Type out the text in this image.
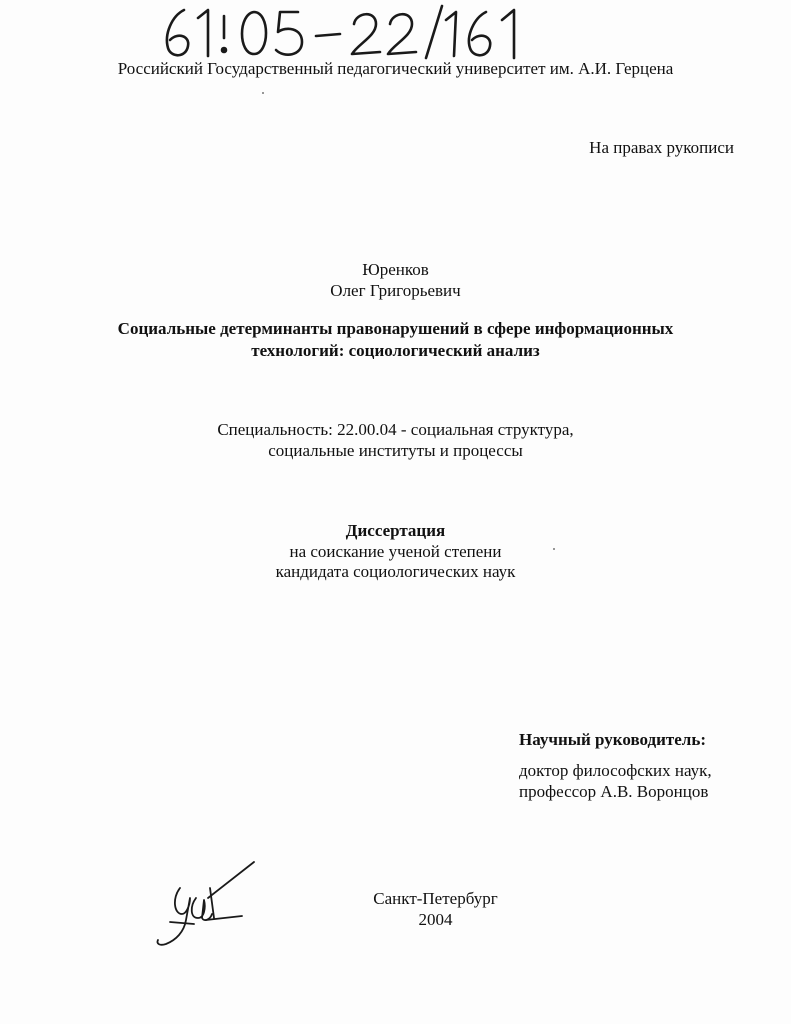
Российский Государственный педагогический университет им. А.И. Герцена
На правах рукописи
Юренков
Олег Григорьевич
Социальные детерминанты правонарушений в сфере информационных
технологий: социологический анализ
Специальность: 22.00.04 - социальная структура,
социальные институты и процессы
Диссертация
на соискание ученой степени
кандидата социологических наук
Научный руководитель:
доктор философских наук,
профессор А.В. Воронцов
Санкт-Петербург
2004
